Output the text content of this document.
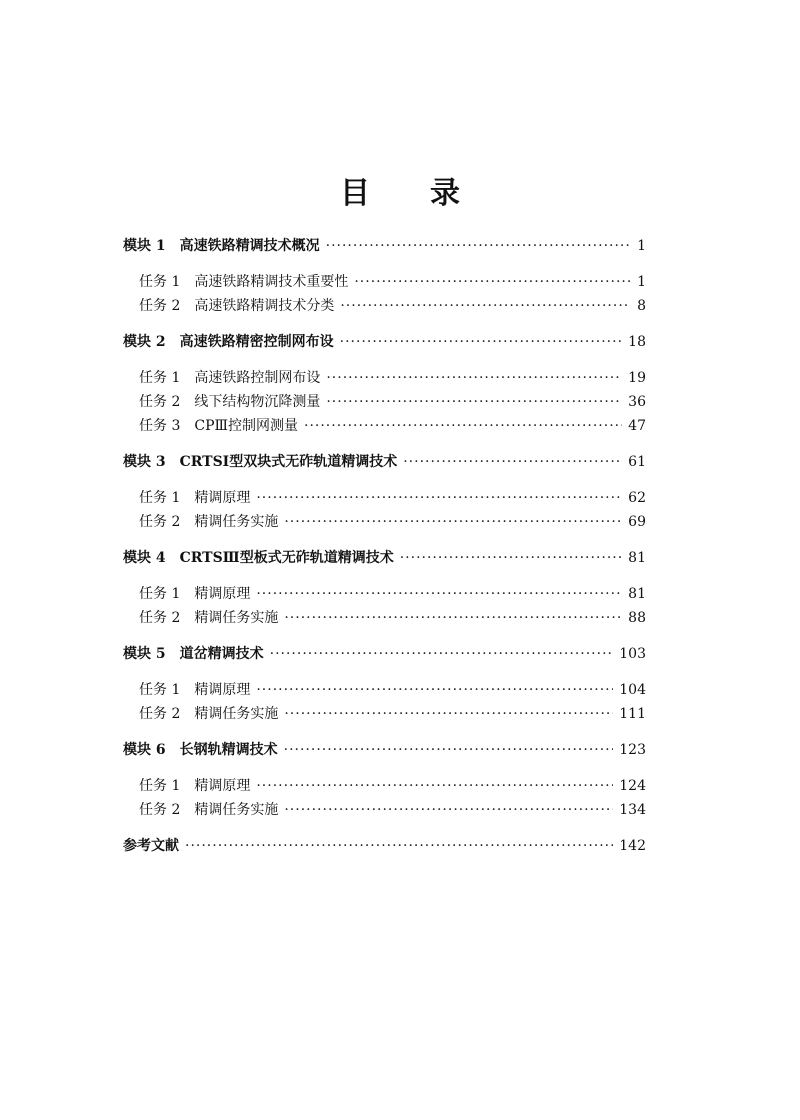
目 录
模块 1 高速铁路精调技术概况 ·····	1
任务 1 高速铁路精调技术重要性 ·····	1
任务 2 高速铁路精调技术分类 ·····	8
模块 2 高速铁路精密控制网布设 ·····	18
任务 1 高速铁路控制网布设 ·····	19
任务 2 线下结构物沉降测量 ·····	36
任务 3 CPⅢ控制网测量 ·····	47
模块 3 CRTSⅠ型双块式无砟轨道精调技术 ·····	61
任务 1 精调原理 ·····	62
任务 2 精调任务实施 ·····	69
模块 4 CRTSⅢ型板式无砟轨道精调技术 ·····	81
任务 1 精调原理 ·····	81
任务 2 精调任务实施 ·····	88
模块 5 道岔精调技术 ·····	103
任务 1 精调原理 ·····	104
任务 2 精调任务实施 ·····	111
模块 6 长钢轨精调技术 ·····	123
任务 1 精调原理 ·····	124
任务 2 精调任务实施 ·····	134
参考文献 ·····	142
